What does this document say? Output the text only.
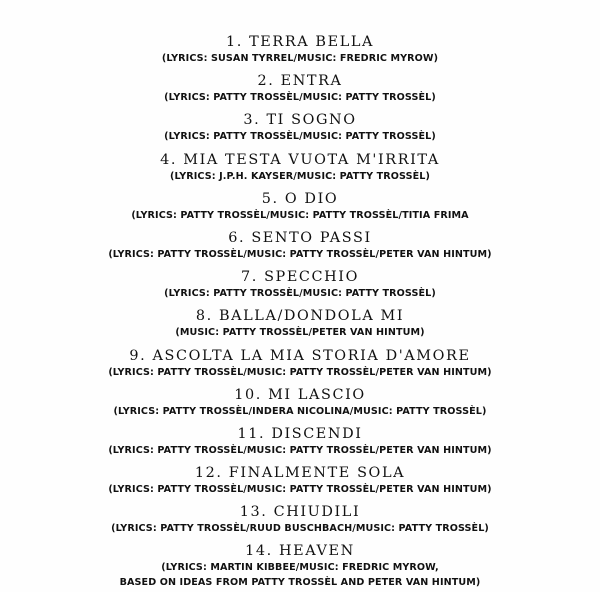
1. TERRA BELLA
(LYRICS: SUSAN TYRREL/MUSIC: FREDRIC MYROW)
2. ENTRA
(LYRICS: PATTY TROSSÈL/MUSIC: PATTY TROSSÈL)
3. TI SOGNO
(LYRICS: PATTY TROSSÈL/MUSIC: PATTY TROSSÈL)
4. MIA TESTA VUOTA M'IRRITA
(LYRICS: J.P.H. KAYSER/MUSIC: PATTY TROSSÈL)
5. O DIO
(LYRICS: PATTY TROSSÈL/MUSIC: PATTY TROSSÈL/TITIA FRIMA
6. SENTO PASSI
(LYRICS: PATTY TROSSÈL/MUSIC: PATTY TROSSÈL/PETER VAN HINTUM)
7. SPECCHIO
(LYRICS: PATTY TROSSÈL/MUSIC: PATTY TROSSÈL)
8. BALLA/DONDOLA MI
(MUSIC: PATTY TROSSÈL/PETER VAN HINTUM)
9. ASCOLTA LA MIA STORIA D'AMORE
(LYRICS: PATTY TROSSÈL/MUSIC: PATTY TROSSÈL/PETER VAN HINTUM)
10. MI LASCIO
(LYRICS: PATTY TROSSÈL/INDERA NICOLINA/MUSIC: PATTY TROSSÈL)
11. DISCENDI
(LYRICS: PATTY TROSSÈL/MUSIC: PATTY TROSSÈL/PETER VAN HINTUM)
12. FINALMENTE SOLA
(LYRICS: PATTY TROSSÈL/MUSIC: PATTY TROSSÈL/PETER VAN HINTUM)
13. CHIUDILI
(LYRICS: PATTY TROSSÈL/RUUD BUSCHBACH/MUSIC: PATTY TROSSÈL)
14. HEAVEN
(LYRICS: MARTIN KIBBEE/MUSIC: FREDRIC MYROW,
BASED ON IDEAS FROM PATTY TROSSÈL AND PETER VAN HINTUM)
